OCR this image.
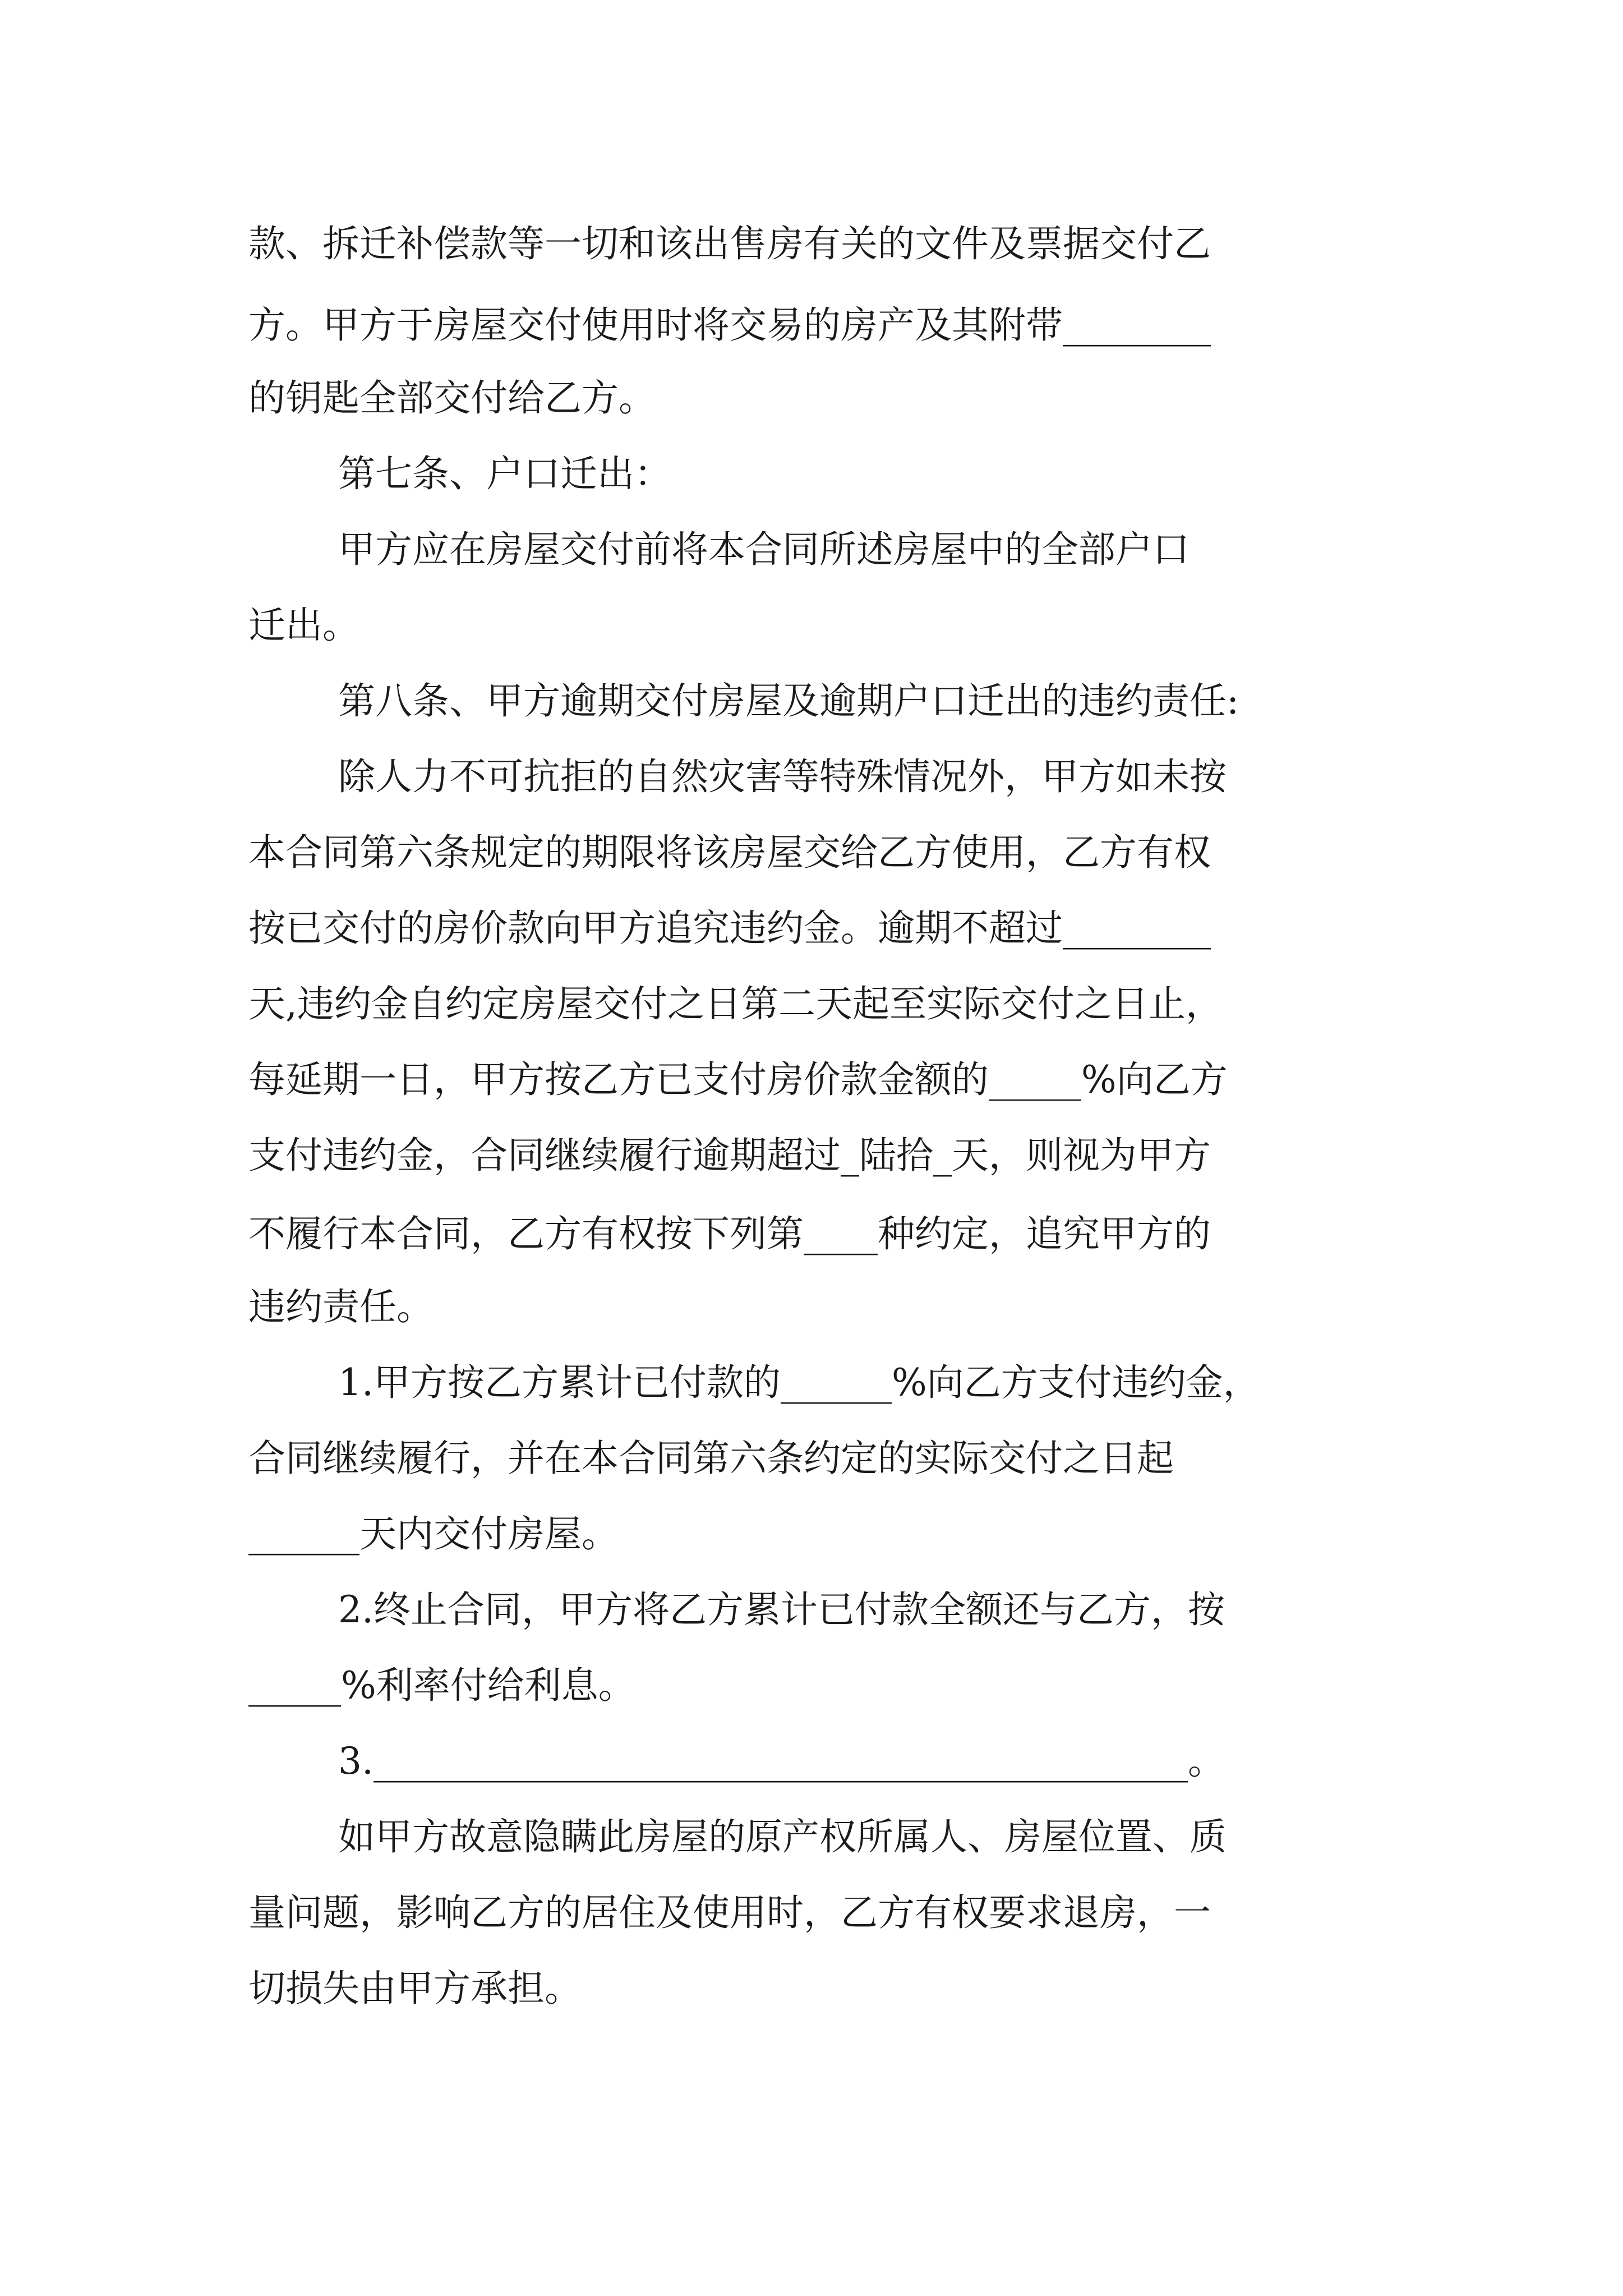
款、拆迁补偿款等一切和该出售房有关的文件及票据交付乙
方。甲方于房屋交付使用时将交易的房产及其附带________
的钥匙全部交付给乙方。
第七条、户口迁出：
甲方应在房屋交付前将本合同所述房屋中的全部户口
迁出。
第八条、甲方逾期交付房屋及逾期户口迁出的违约责任:
除人力不可抗拒的自然灾害等特殊情况外，甲方如未按
本合同第六条规定的期限将该房屋交给乙方使用，乙方有权
按已交付的房价款向甲方追究违约金。逾期不超过________
天,违约金自约定房屋交付之日第二天起至实际交付之日止，
每延期一日，甲方按乙方已支付房价款金额的_____%向乙方
支付违约金，合同继续履行逾期超过_陆拾_天，则视为甲方
不履行本合同，乙方有权按下列第____种约定，追究甲方的
违约责任。
1.甲方按乙方累计已付款的______%向乙方支付违约金，
合同继续履行，并在本合同第六条约定的实际交付之日起
______天内交付房屋。
2.终止合同，甲方将乙方累计已付款全额还与乙方，按
_____%利率付给利息。
3.____________________________________________。
如甲方故意隐瞒此房屋的原产权所属人、房屋位置、质
量问题，影响乙方的居住及使用时，乙方有权要求退房，一
切损失由甲方承担。
